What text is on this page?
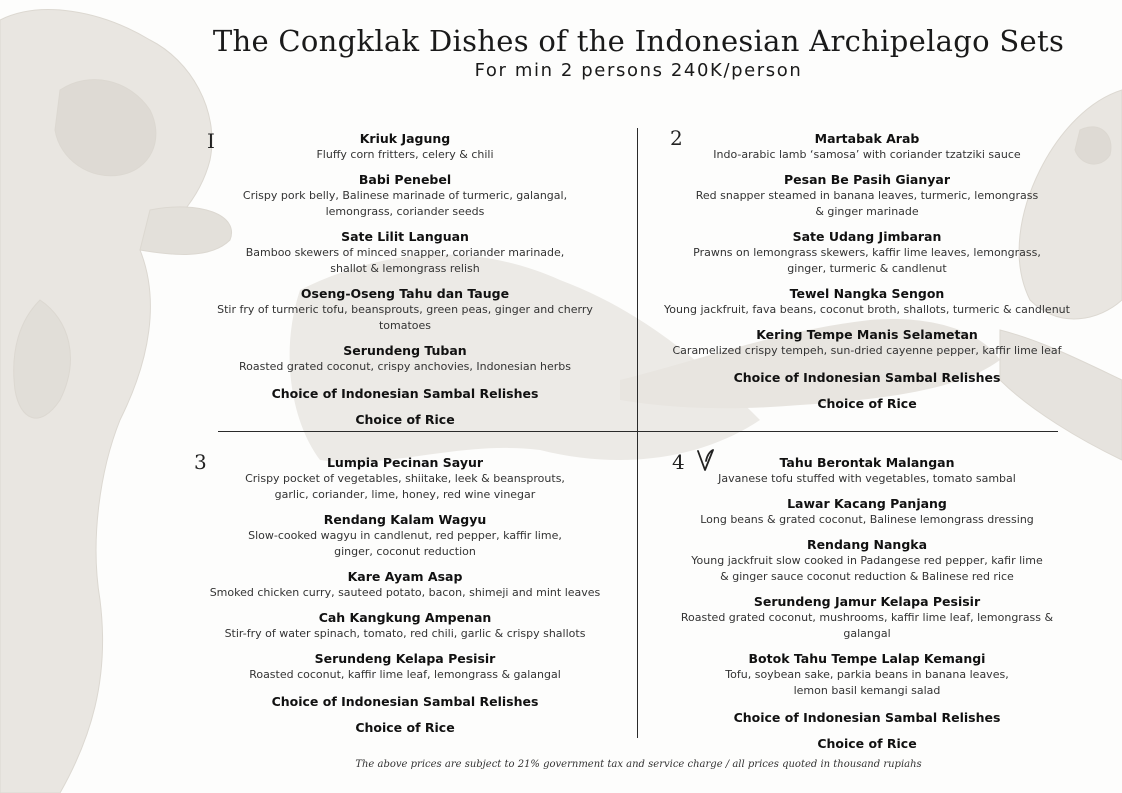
The Congklak Dishes of the Indonesian Archipelago Sets
For min 2 persons 240K/person
I	2
3	4
Kriuk Jagung
Fluffy corn fritters, celery & chili
Babi Penebel
Crispy pork belly, Balinese marinade of turmeric, galangal,
lemongrass, coriander seeds
Sate Lilit Languan
Bamboo skewers of minced snapper, coriander marinade,
shallot & lemongrass relish
Oseng-Oseng Tahu dan Tauge
Stir fry of turmeric tofu, beansprouts, green peas, ginger and cherry tomatoes
Serundeng Tuban
Roasted grated coconut, crispy anchovies, Indonesian herbs
Choice of Indonesian Sambal Relishes
Choice of Rice
Martabak Arab
Indo-arabic lamb ‘samosa’ with coriander tzatziki sauce
Pesan Be Pasih Gianyar
Red snapper steamed in banana leaves, turmeric, lemongrass
& ginger marinade
Sate Udang Jimbaran
Prawns on lemongrass skewers, kaffir lime leaves, lemongrass,
ginger, turmeric & candlenut
Tewel Nangka Sengon
Young jackfruit, fava beans, coconut broth, shallots, turmeric & candlenut
Kering Tempe Manis Selametan
Caramelized crispy tempeh, sun-dried cayenne pepper, kaffir lime leaf
Choice of Indonesian Sambal Relishes
Choice of Rice
Lumpia Pecinan Sayur
Crispy pocket of vegetables, shiitake, leek & beansprouts,
garlic, coriander, lime, honey, red wine vinegar
Rendang Kalam Wagyu
Slow-cooked wagyu in candlenut, red pepper, kaffir lime,
ginger, coconut reduction
Kare Ayam Asap
Smoked chicken curry, sauteed potato, bacon, shimeji and mint leaves
Cah Kangkung Ampenan
Stir-fry of water spinach, tomato, red chili, garlic & crispy shallots
Serundeng Kelapa Pesisir
Roasted coconut, kaffir lime leaf, lemongrass & galangal
Choice of Indonesian Sambal Relishes
Choice of Rice
Tahu Berontak Malangan
Javanese tofu stuffed with vegetables, tomato sambal
Lawar Kacang Panjang
Long beans & grated coconut, Balinese lemongrass dressing
Rendang Nangka
Young jackfruit slow cooked in Padangese red pepper, kafir lime
& ginger sauce coconut reduction & Balinese red rice
Serundeng Jamur Kelapa Pesisir
Roasted grated coconut, mushrooms, kaffir lime leaf, lemongrass & galangal
Botok Tahu Tempe Lalap Kemangi
Tofu, soybean sake, parkia beans in banana leaves,
lemon basil kemangi salad
Choice of Indonesian Sambal Relishes
Choice of Rice
The above prices are subject to 21% government tax and service charge / all prices quoted in thousand rupiahs
